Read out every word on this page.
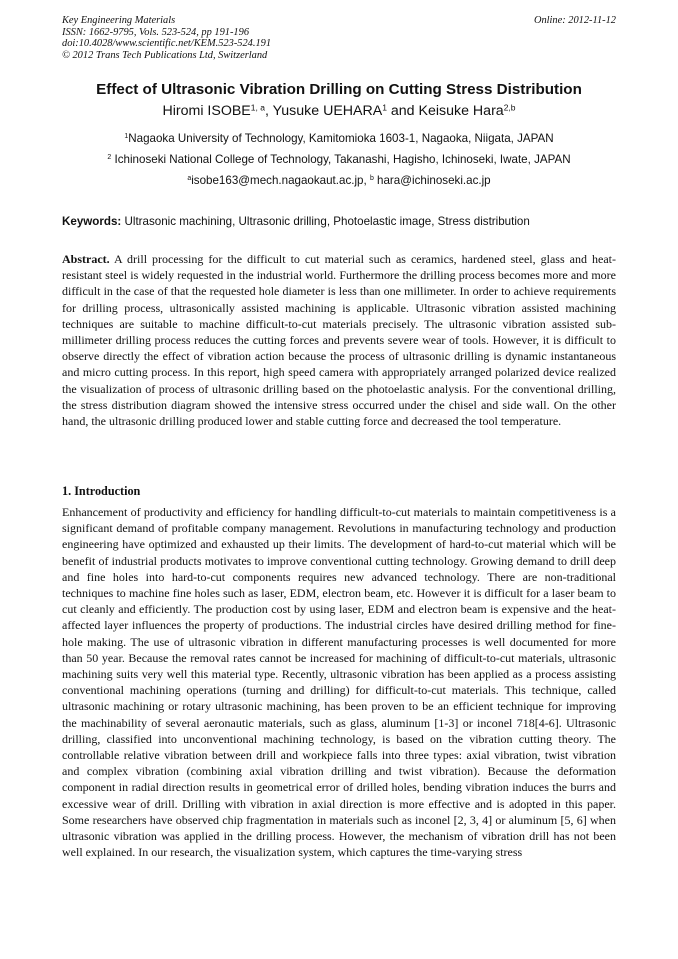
Key Engineering Materials
ISSN: 1662-9795, Vols. 523-524, pp 191-196
doi:10.4028/www.scientific.net/KEM.523-524.191
© 2012 Trans Tech Publications Ltd, Switzerland
Online: 2012-11-12
Effect of Ultrasonic Vibration Drilling on Cutting Stress Distribution
Hiromi ISOBE$^{1, a}$, Yusuke UEHARA$^1$ and Keisuke Hara$^{2,b}$
$^1$Nagaoka University of Technology, Kamitomioka 1603-1, Nagaoka, Niigata, JAPAN
$^2$ Ichinoseki National College of Technology, Takanashi, Hagisho, Ichinoseki, Iwate, JAPAN
$^a$isobe163@mech.nagaokaut.ac.jp, $^b$ hara@ichinoseki.ac.jp
Keywords: Ultrasonic machining, Ultrasonic drilling, Photoelastic image, Stress distribution
Abstract. A drill processing for the difficult to cut material such as ceramics, hardened steel, glass and heat-resistant steel is widely requested in the industrial world. Furthermore the drilling process becomes more and more difficult in the case of that the requested hole diameter is less than one millimeter. In order to achieve requirements for drilling process, ultrasonically assisted machining is applicable. Ultrasonic vibration assisted machining techniques are suitable to machine difficult-to-cut materials precisely. The ultrasonic vibration assisted sub-millimeter drilling process reduces the cutting forces and prevents severe wear of tools. However, it is difficult to observe directly the effect of vibration action because the process of ultrasonic drilling is dynamic instantaneous and micro cutting process. In this report, high speed camera with appropriately arranged polarized device realized the visualization of process of ultrasonic drilling based on the photoelastic analysis. For the conventional drilling, the stress distribution diagram showed the intensive stress occurred under the chisel and side wall. On the other hand, the ultrasonic drilling produced lower and stable cutting force and decreased the tool temperature.
1. Introduction
Enhancement of productivity and efficiency for handling difficult-to-cut materials to maintain competitiveness is a significant demand of profitable company management. Revolutions in manufacturing technology and production engineering have optimized and exhausted up their limits. The development of hard-to-cut material which will be benefit of industrial products motivates to improve conventional cutting technology. Growing demand to drill deep and fine holes into hard-to-cut components requires new advanced technology. There are non-traditional techniques to machine fine holes such as laser, EDM, electron beam, etc. However it is difficult for a laser beam to cut cleanly and efficiently. The production cost by using laser, EDM and electron beam is expensive and the heat-affected layer influences the property of productions. The industrial circles have desired drilling method for fine-hole making. The use of ultrasonic vibration in different manufacturing processes is well documented for more than 50 year. Because the removal rates cannot be increased for machining of difficult-to-cut materials, ultrasonic machining suits very well this material type. Recently, ultrasonic vibration has been applied as a process assisting conventional machining operations (turning and drilling) for difficult-to-cut materials. This technique, called ultrasonic machining or rotary ultrasonic machining, has been proven to be an efficient technique for improving the machinability of several aeronautic materials, such as glass, aluminum [1-3] or inconel 718[4-6]. Ultrasonic drilling, classified into unconventional machining technology, is based on the vibration cutting theory. The controllable relative vibration between drill and workpiece falls into three types: axial vibration, twist vibration and complex vibration (combining axial vibration drilling and twist vibration). Because the deformation component in radial direction results in geometrical error of drilled holes, bending vibration induces the burrs and excessive wear of drill. Drilling with vibration in axial direction is more effective and is adopted in this paper. Some researchers have observed chip fragmentation in materials such as inconel [2, 3, 4] or aluminum [5, 6] when ultrasonic vibration was applied in the drilling process. However, the mechanism of vibration drill has not been well explained. In our research, the visualization system, which captures the time-varying stress
